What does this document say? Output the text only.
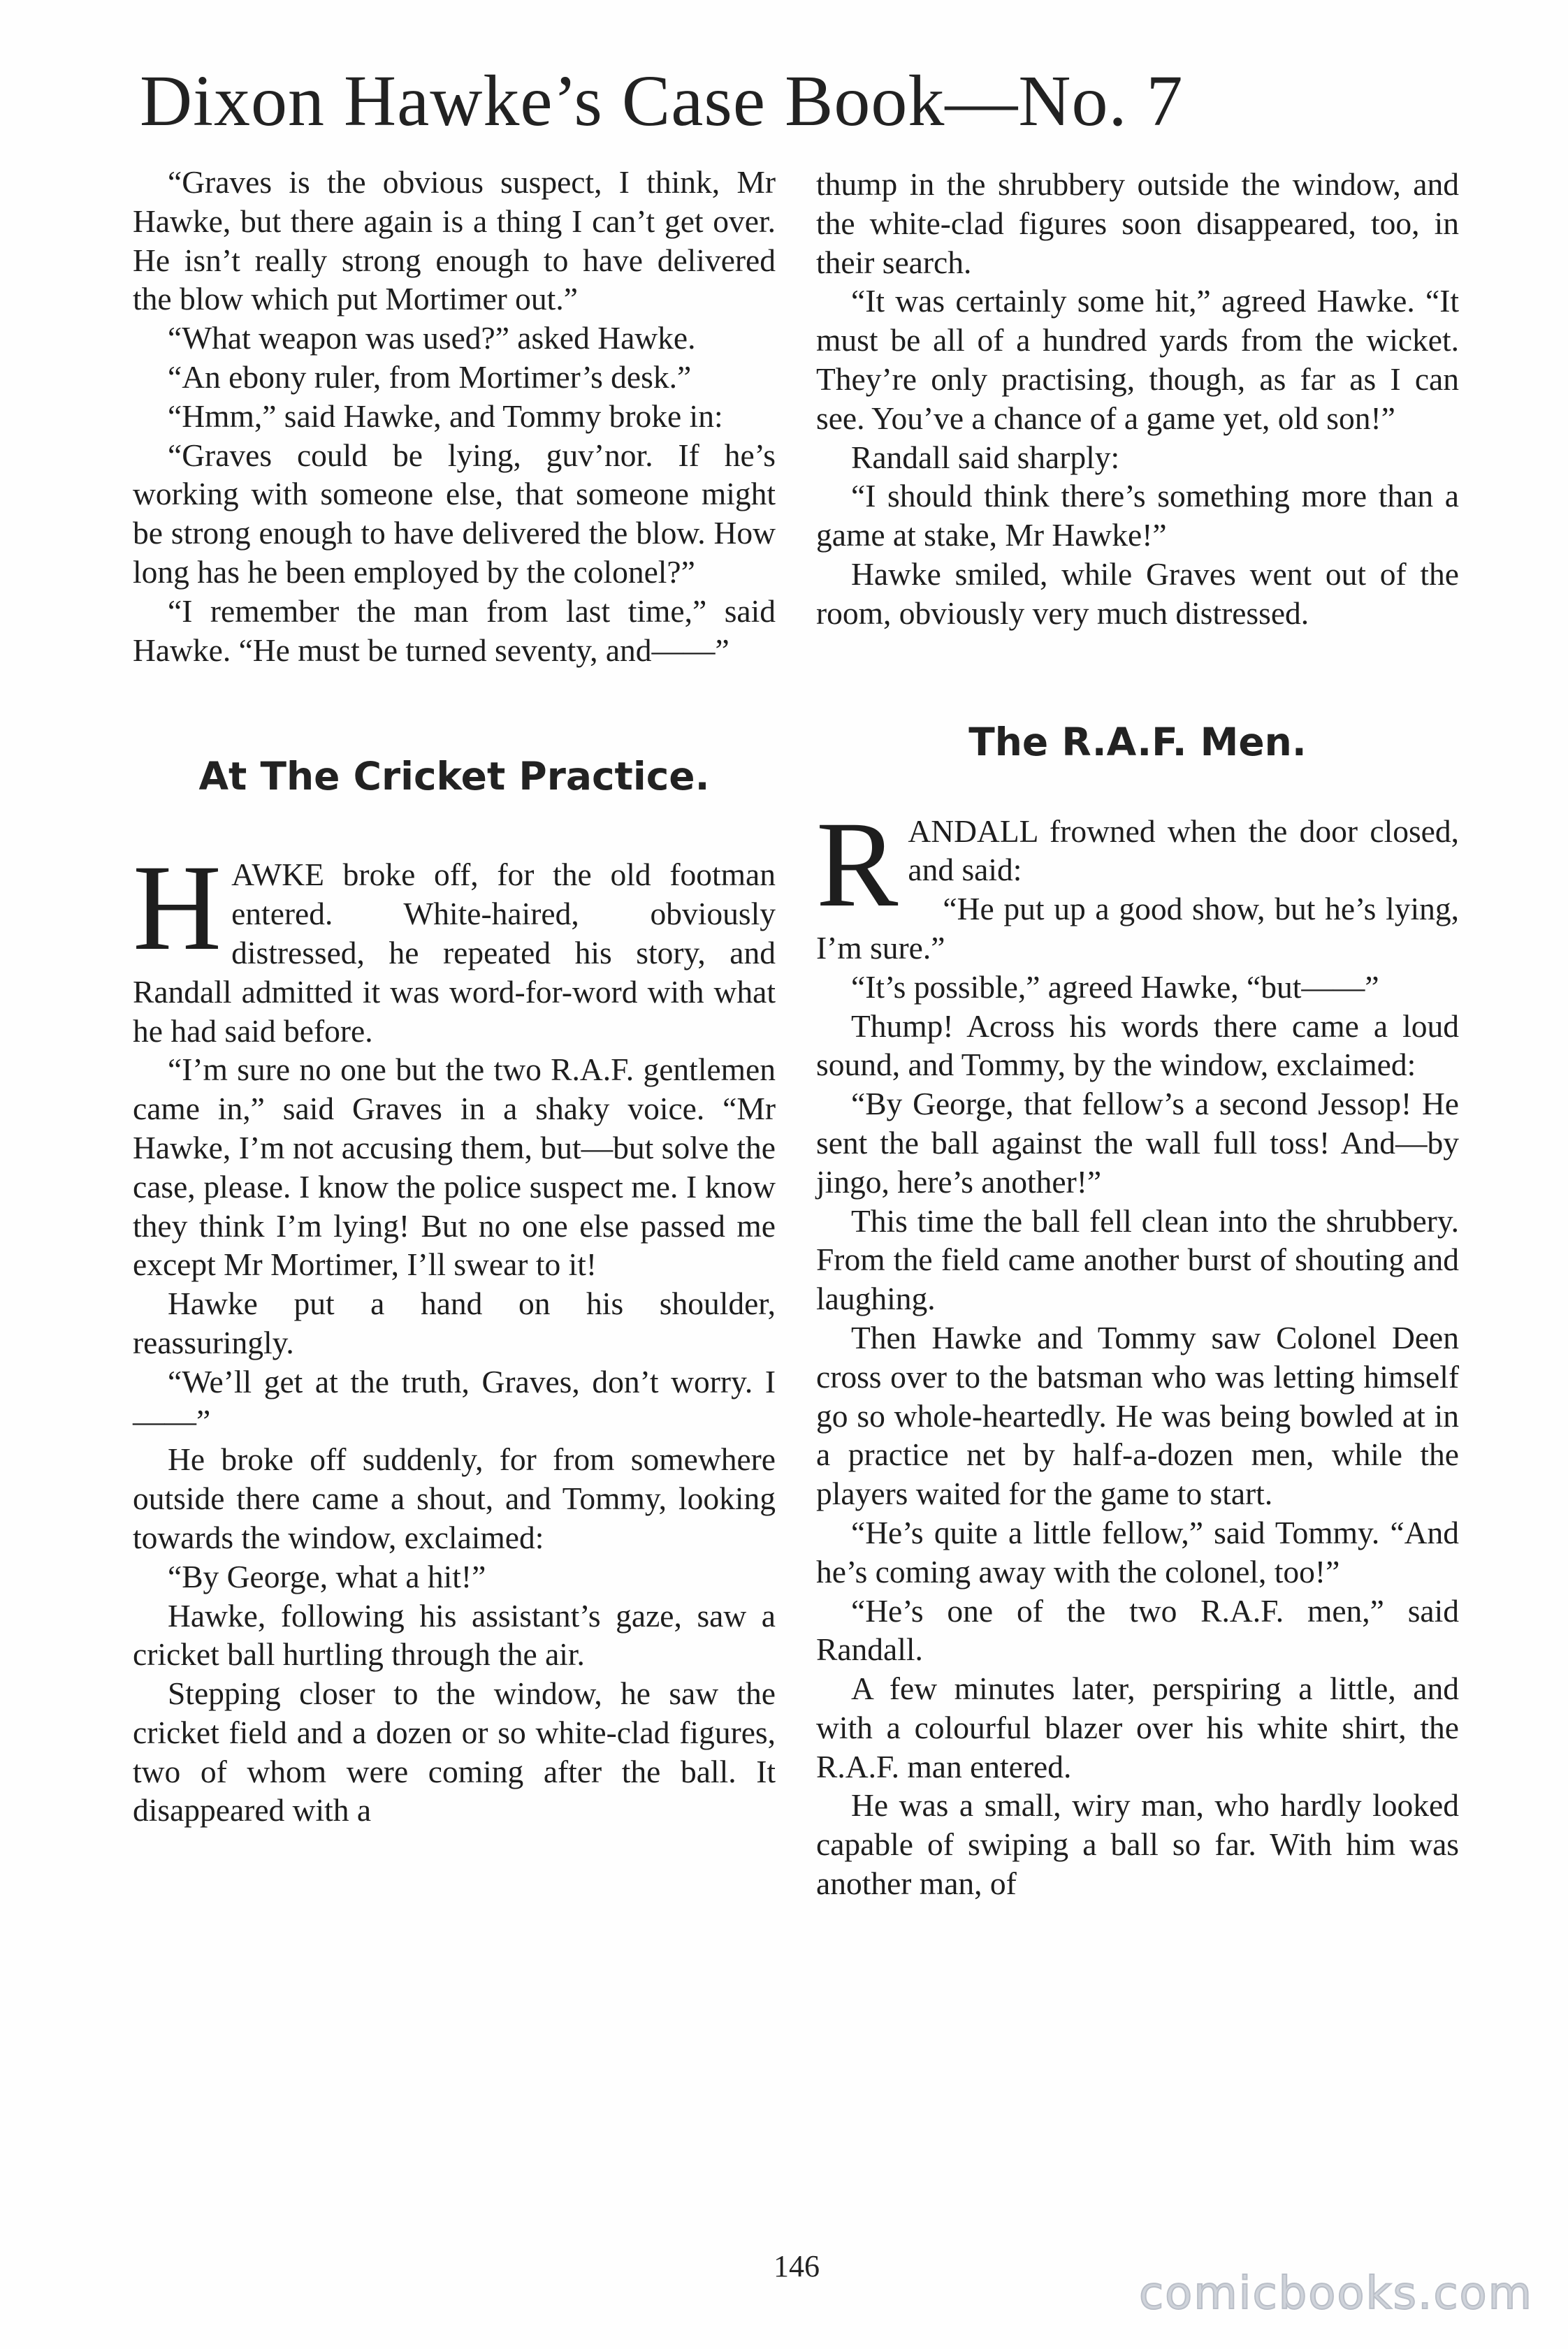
Dixon Hawke’s Case Book—No. 7

“Graves is the obvious suspect, I think, Mr Hawke, but there again is a thing I can’t get over. He isn’t really strong enough to have delivered the blow which put Mortimer out.”

“What weapon was used?” asked Hawke.

“An ebony ruler, from Mortimer’s desk.”

“Hmm,” said Hawke, and Tommy broke in:

“Graves could be lying, guv’nor. If he’s working with someone else, that someone might be strong enough to have delivered the blow. How long has he been employed by the colonel?”

“I remember the man from last time,” said Hawke. “He must be turned seventy, and——”

At The Cricket Practice.
H AWKE broke off, for the old footman entered. White-haired, obviously distressed, he repeated his story, and Randall admitted it was word-for-word with what he had said before.

“I’m sure no one but the two R.A.F. gentlemen came in,” said Graves in a shaky voice. “Mr Hawke, I’m not accusing them, but—but solve the case, please. I know the police suspect me. I know they think I’m lying! But no one else passed me except Mr Mortimer, I’ll swear to it!

Hawke put a hand on his shoulder, reassuringly.

“We’ll get at the truth, Graves, don’t worry. I——”

He broke off suddenly, for from somewhere outside there came a shout, and Tommy, looking towards the window, exclaimed:

“By George, what a hit!”

Hawke, following his assistant’s gaze, saw a cricket ball hurtling through the air.

Stepping closer to the window, he saw the cricket field and a dozen or so white-clad figures, two of whom were coming after the ball. It disappeared with a

thump in the shrubbery outside the window, and the white-clad figures soon disappeared, too, in their search.

“It was certainly some hit,” agreed Hawke. “It must be all of a hundred yards from the wicket. They’re only practising, though, as far as I can see. You’ve a chance of a game yet, old son!”

Randall said sharply:

“I should think there’s something more than a game at stake, Mr Hawke!”

Hawke smiled, while Graves went out of the room, obviously very much distressed.

The R.A.F. Men.
R ANDALL frowned when the door closed, and said:

“He put up a good show, but he’s lying, I’m sure.”

“It’s possible,” agreed Hawke, “but——”

Thump! Across his words there came a loud sound, and Tommy, by the window, exclaimed:

“By George, that fellow’s a second Jessop! He sent the ball against the wall full toss! And—by jingo, here’s another!”

This time the ball fell clean into the shrubbery. From the field came another burst of shouting and laughing.

Then Hawke and Tommy saw Colonel Deen cross over to the batsman who was letting himself go so whole-heartedly. He was being bowled at in a practice net by half-a-dozen men, while the players waited for the game to start.

“He’s quite a little fellow,” said Tommy. “And he’s coming away with the colonel, too!”

“He’s one of the two R.A.F. men,” said Randall.

A few minutes later, perspiring a little, and with a colourful blazer over his white shirt, the R.A.F. man entered.

He was a small, wiry man, who hardly looked capable of swiping a ball so far. With him was another man, of

146
comicbooks.com
